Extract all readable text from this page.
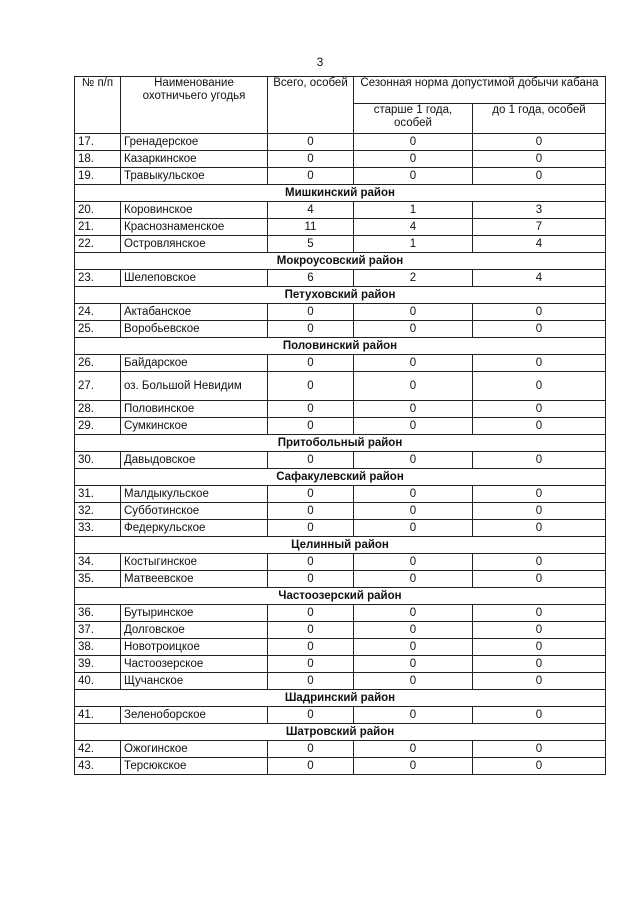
3
№ п/п	Наименование охотничьего угодья	Всего, особей	Сезонная норма допустимой добычи кабана	
			старше 1 года, особей	до 1 года, особей
17.	Гренадерское	0	0	0
18.	Казаркинское	0	0	0
19.	Травыкульское	0	0	0
Мишкинский район				
20.	Коровинское	4	1	3
21.	Краснознаменское	11	4	7
22.	Островлянское	5	1	4
Мокроусовский район				
23.	Шелеповское	6	2	4
Петуховский район				
24.	Актабанское	0	0	0
25.	Воробьевское	0	0	0
Половинский район				
26.	Байдарское	0	0	0
27.	оз. Большой Невидим	0	0	0
28.	Половинское	0	0	0
29.	Сумкинское	0	0	0
Притобольный район				
30.	Давыдовское	0	0	0
Сафакулевский район				
31.	Малдыкульское	0	0	0
32.	Субботинское	0	0	0
33.	Федеркульское	0	0	0
Целинный район				
34.	Костыгинское	0	0	0
35.	Матвеевское	0	0	0
Частоозерский район				
36.	Бутыринское	0	0	0
37.	Долговское	0	0	0
38.	Новотроицкое	0	0	0
39.	Частоозерское	0	0	0
40.	Щучанское	0	0	0
Шадринский район				
41.	Зеленоборское	0	0	0
Шатровский район				
42.	Ожогинское	0	0	0
43.	Терсюкское	0	0	0
